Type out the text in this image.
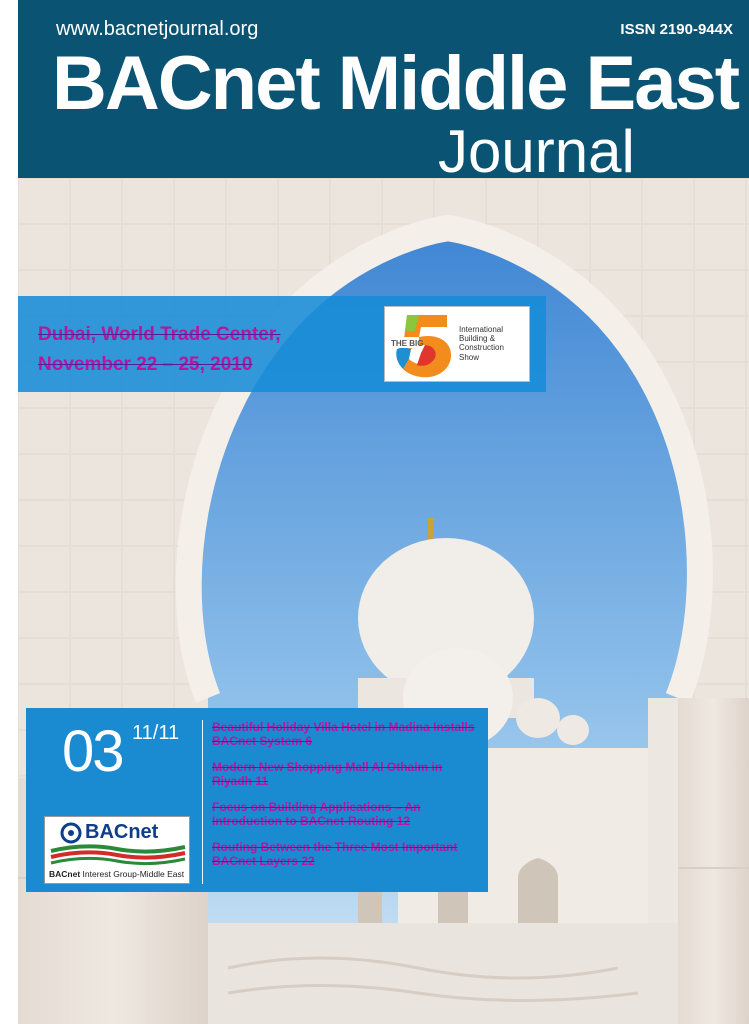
www.bacnetjournal.org	ISSN 2190-944X
BACnet Middle East
Journal
Dubai, World Trade Center,
November 22 – 25, 2010
THE BIG
International Building & Construction Show
03 11/11	Beautiful Holiday Villa Hotel in Madina Installs BACnet System 6
Modern New Shopping Mall Al Othaim in Riyadh 11
Focus on Building Applications – An Introduction to BACnet-Routing 12
Routing Between the Three Most Important BACnet Layers 22
BACnet
BACnet Interest Group-Middle East
